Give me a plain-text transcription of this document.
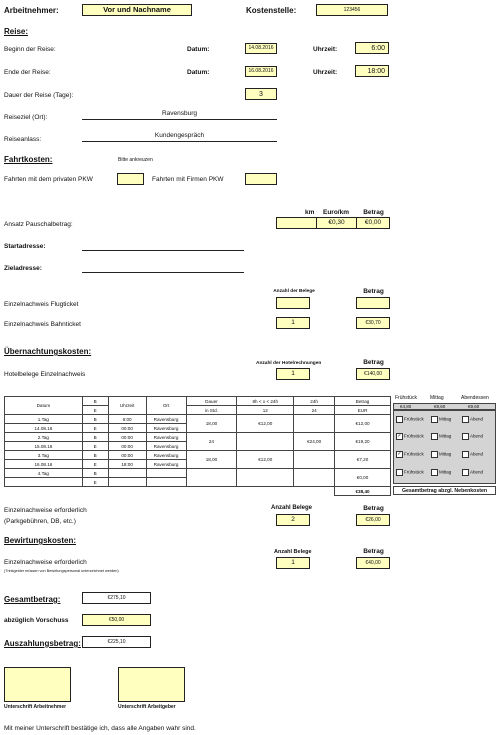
Arbeitnehmer:	Vor und Nachname	Kostenstelle:	123456
Reise:
Beginn der Reise:	Datum:	14.08.2016	Uhrzeit:	6:00
Ende der Reise:	Datum:	16.08.2016	Uhrzeit:	18:00
Dauer der Reise (Tage):	3
Reiseziel (Ort):
Ravensburg
Reiseanlass:
Kundengespräch
Fahrtkosten:	Bitte ankreuzen
Fahrten mit dem privaten PKW	Fahrten mit Firmen PKW
km	Euro/km	Betrag
Ansatz Pauschalbetrag:	€0,30	€0,00
Startadresse:
Zieladresse:
Anzahl der Belege	Betrag
Einzelnachweis Flugticket
Einzelnachweis Bahnticket	1	€30,70
Übernachtungskosten:
Anzahl der Hotelrechnungen	Betrag
Hotelbelege Einzelnachweis	1	€140,00
Datum	B	Uhrzeit	Ort	Dauer	8h < x < 24h	24h	Betrag
	E			in Std.	12	24	EUR
1.Tag	B	6:00	Ravensburg	18,00	€12,00		€12,00
14.08.16	E	00:00	Ravensburg				
2.Tag	B	00:00	Ravensburg	24		€24,00	€19,20
15.08.16	E	00:00	Ravensburg				
3.Tag	B	00:00	Ravensburg	18,00	€12,00		€7,20
16.08.16	E	18:00	Ravensburg				
4.Tag	B						€0,00
	E						
							€38,40
Frühstück	Mittag	Abendessen
€4,80	€9,60	€9,60
Frühstück	Mittag	Abend
✓ Frühstück	Mittag	Abend
✓ Frühstück	Mittag	Abend
Frühstück	Mittag	Abend
Gesamtbetrag abzgl. Nebenkosten
Einzelnachweise erforderlich
(Parkgebühren, DB, etc.)
Anzahl Belege	Betrag
2	€26,00
Bewirtungskosten:
Anzahl Belege	Betrag
Einzelnachweise erforderlich
(Trinkgelder müssen von Bewirtungspersonal unterzeichnet werden)
1	€40,00
Gesamtbetrag:	€275,10
abzüglich Vorschuss	€50,00
Auszahlungsbetrag:	€225,10
Unterschrift Arbeitnehmer	Unterschrift Arbeitgeber
Mit meiner Unterschrift bestätige ich, dass alle Angaben wahr sind.
